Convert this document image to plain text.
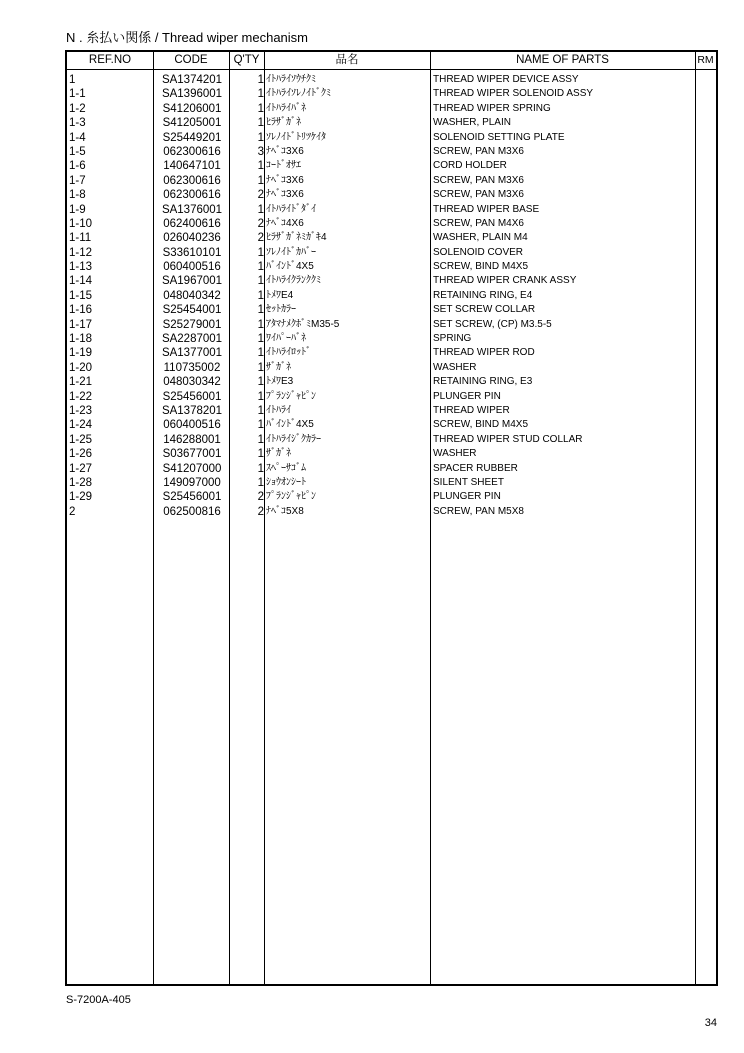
N . 糸払い関係 / Thread wiper mechanism
REF.NO	CODE	Q'TY	品名	NAME OF PARTS	RM
1	SA1374201	1 ｲﾄﾊﾗｲｿｳﾁｸﾐ	THREAD WIPER DEVICE ASSY
1-1	SA1396001	1 ｲﾄﾊﾗｲｿﾚﾉｲﾄﾞｸﾐ	THREAD WIPER SOLENOID ASSY
1-2	S41206001	1 ｲﾄﾊﾗｲﾊﾞﾈ	THREAD WIPER SPRING
1-3	S41205001	1 ﾋﾗｻﾞｶﾞﾈ	WASHER, PLAIN
1-4	S25449201	1 ｿﾚﾉｲﾄﾞﾄﾘﾂｹｲﾀ	SOLENOID SETTING PLATE
1-5	062300616	3 ﾅﾍﾞｺ3X6	SCREW, PAN M3X6
1-6	140647101	1 ｺｰﾄﾞｵｻｴ	CORD HOLDER
1-7	062300616	1 ﾅﾍﾞｺ3X6	SCREW, PAN M3X6
1-8	062300616	2 ﾅﾍﾞｺ3X6	SCREW, PAN M3X6
1-9	SA1376001	1 ｲﾄﾊﾗｲﾄﾞﾀﾞｲ	THREAD WIPER BASE
1-10	062400616	2 ﾅﾍﾞｺ4X6	SCREW, PAN M4X6
1-11	026040236	2 ﾋﾗｻﾞｶﾞﾈﾐｶﾞｷ4	WASHER, PLAIN M4
1-12	S33610101	1 ｿﾚﾉｲﾄﾞｶﾊﾞｰ	SOLENOID COVER
1-13	060400516	1 ﾊﾞｲﾝﾄﾞ4X5	SCREW, BIND M4X5
1-14	SA1967001	1 ｲﾄﾊﾗｲｸﾗﾝｸｸﾐ	THREAD WIPER CRANK ASSY
1-15	048040342	1 ﾄﾒﾜE4	RETAINING RING, E4
1-16	S25454001	1 ｾｯﾄｶﾗｰ	SET SCREW COLLAR
1-17	S25279001	1 ｱﾀﾏﾅﾒｸﾎﾞﾐM35-5	SET SCREW, (CP) M3.5-5
1-18	SA2287001	1 ﾜｲﾊﾟｰﾊﾞﾈ	SPRING
1-19	SA1377001	1 ｲﾄﾊﾗｲﾛｯﾄﾞ	THREAD WIPER ROD
1-20	110735002	1 ｻﾞｶﾞﾈ	WASHER
1-21	048030342	1 ﾄﾒﾜE3	RETAINING RING, E3
1-22	S25456001	1 ﾌﾟﾗﾝｼﾞｬﾋﾟﾝ	PLUNGER PIN
1-23	SA1378201	1 ｲﾄﾊﾗｲ	THREAD WIPER
1-24	060400516	1 ﾊﾞｲﾝﾄﾞ4X5	SCREW, BIND M4X5
1-25	146288001	1 ｲﾄﾊﾗｲｼﾞｸｶﾗｰ	THREAD WIPER STUD COLLAR
1-26	S03677001	1 ｻﾞｶﾞﾈ	WASHER
1-27	S41207000	1 ｽﾍﾟｰｻｺﾞﾑ	SPACER RUBBER
1-28	149097000	1 ｼｮｳｵﾝｼｰﾄ	SILENT SHEET
1-29	S25456001	2 ﾌﾟﾗﾝｼﾞｬﾋﾟﾝ	PLUNGER PIN
2	062500816	2 ﾅﾍﾞｺ5X8	SCREW, PAN M5X8
S-7200A-405
34
